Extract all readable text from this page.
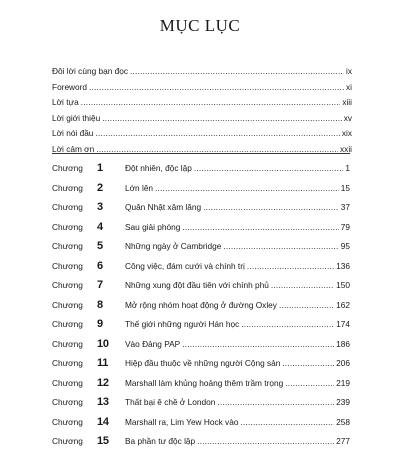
MỤC LỤC
Đôi lời cùng bạn đọc .....	ix
Foreword .....	xi
Lời tựa .....	xiii
Lời giới thiệu .....	xv
Lời nói đầu .....	xix
Lời cảm ơn .....	xxii
Chương	1	Đột nhiên, độc lập .....	1
Chương	2	Lớn lên .....	15
Chương	3	Quân Nhật xâm lăng .....	37
Chương	4	Sau giải phóng .....	79
Chương	5	Những ngày ở Cambridge .....	95
Chương	6	Công việc, đám cưới và chính trị .....	136
Chương	7	Những xung đột đầu tiên với chính phủ .....	150
Chương	8	Mở rộng nhóm hoạt động ở đường Oxley .....	162
Chương	9	Thế giới những người Hán học .....	174
Chương	10	Vào Đảng PAP .....	186
Chương	11	Hiệp đầu thuộc về những người Cộng sản .....	206
Chương	12	Marshall làm khủng hoảng thêm trầm trọng .....	219
Chương	13	Thất bại ê chề ở London .....	239
Chương	14	Marshall ra, Lim Yew Hock vào .....	258
Chương	15	Ba phần tư độc lập .....	277
